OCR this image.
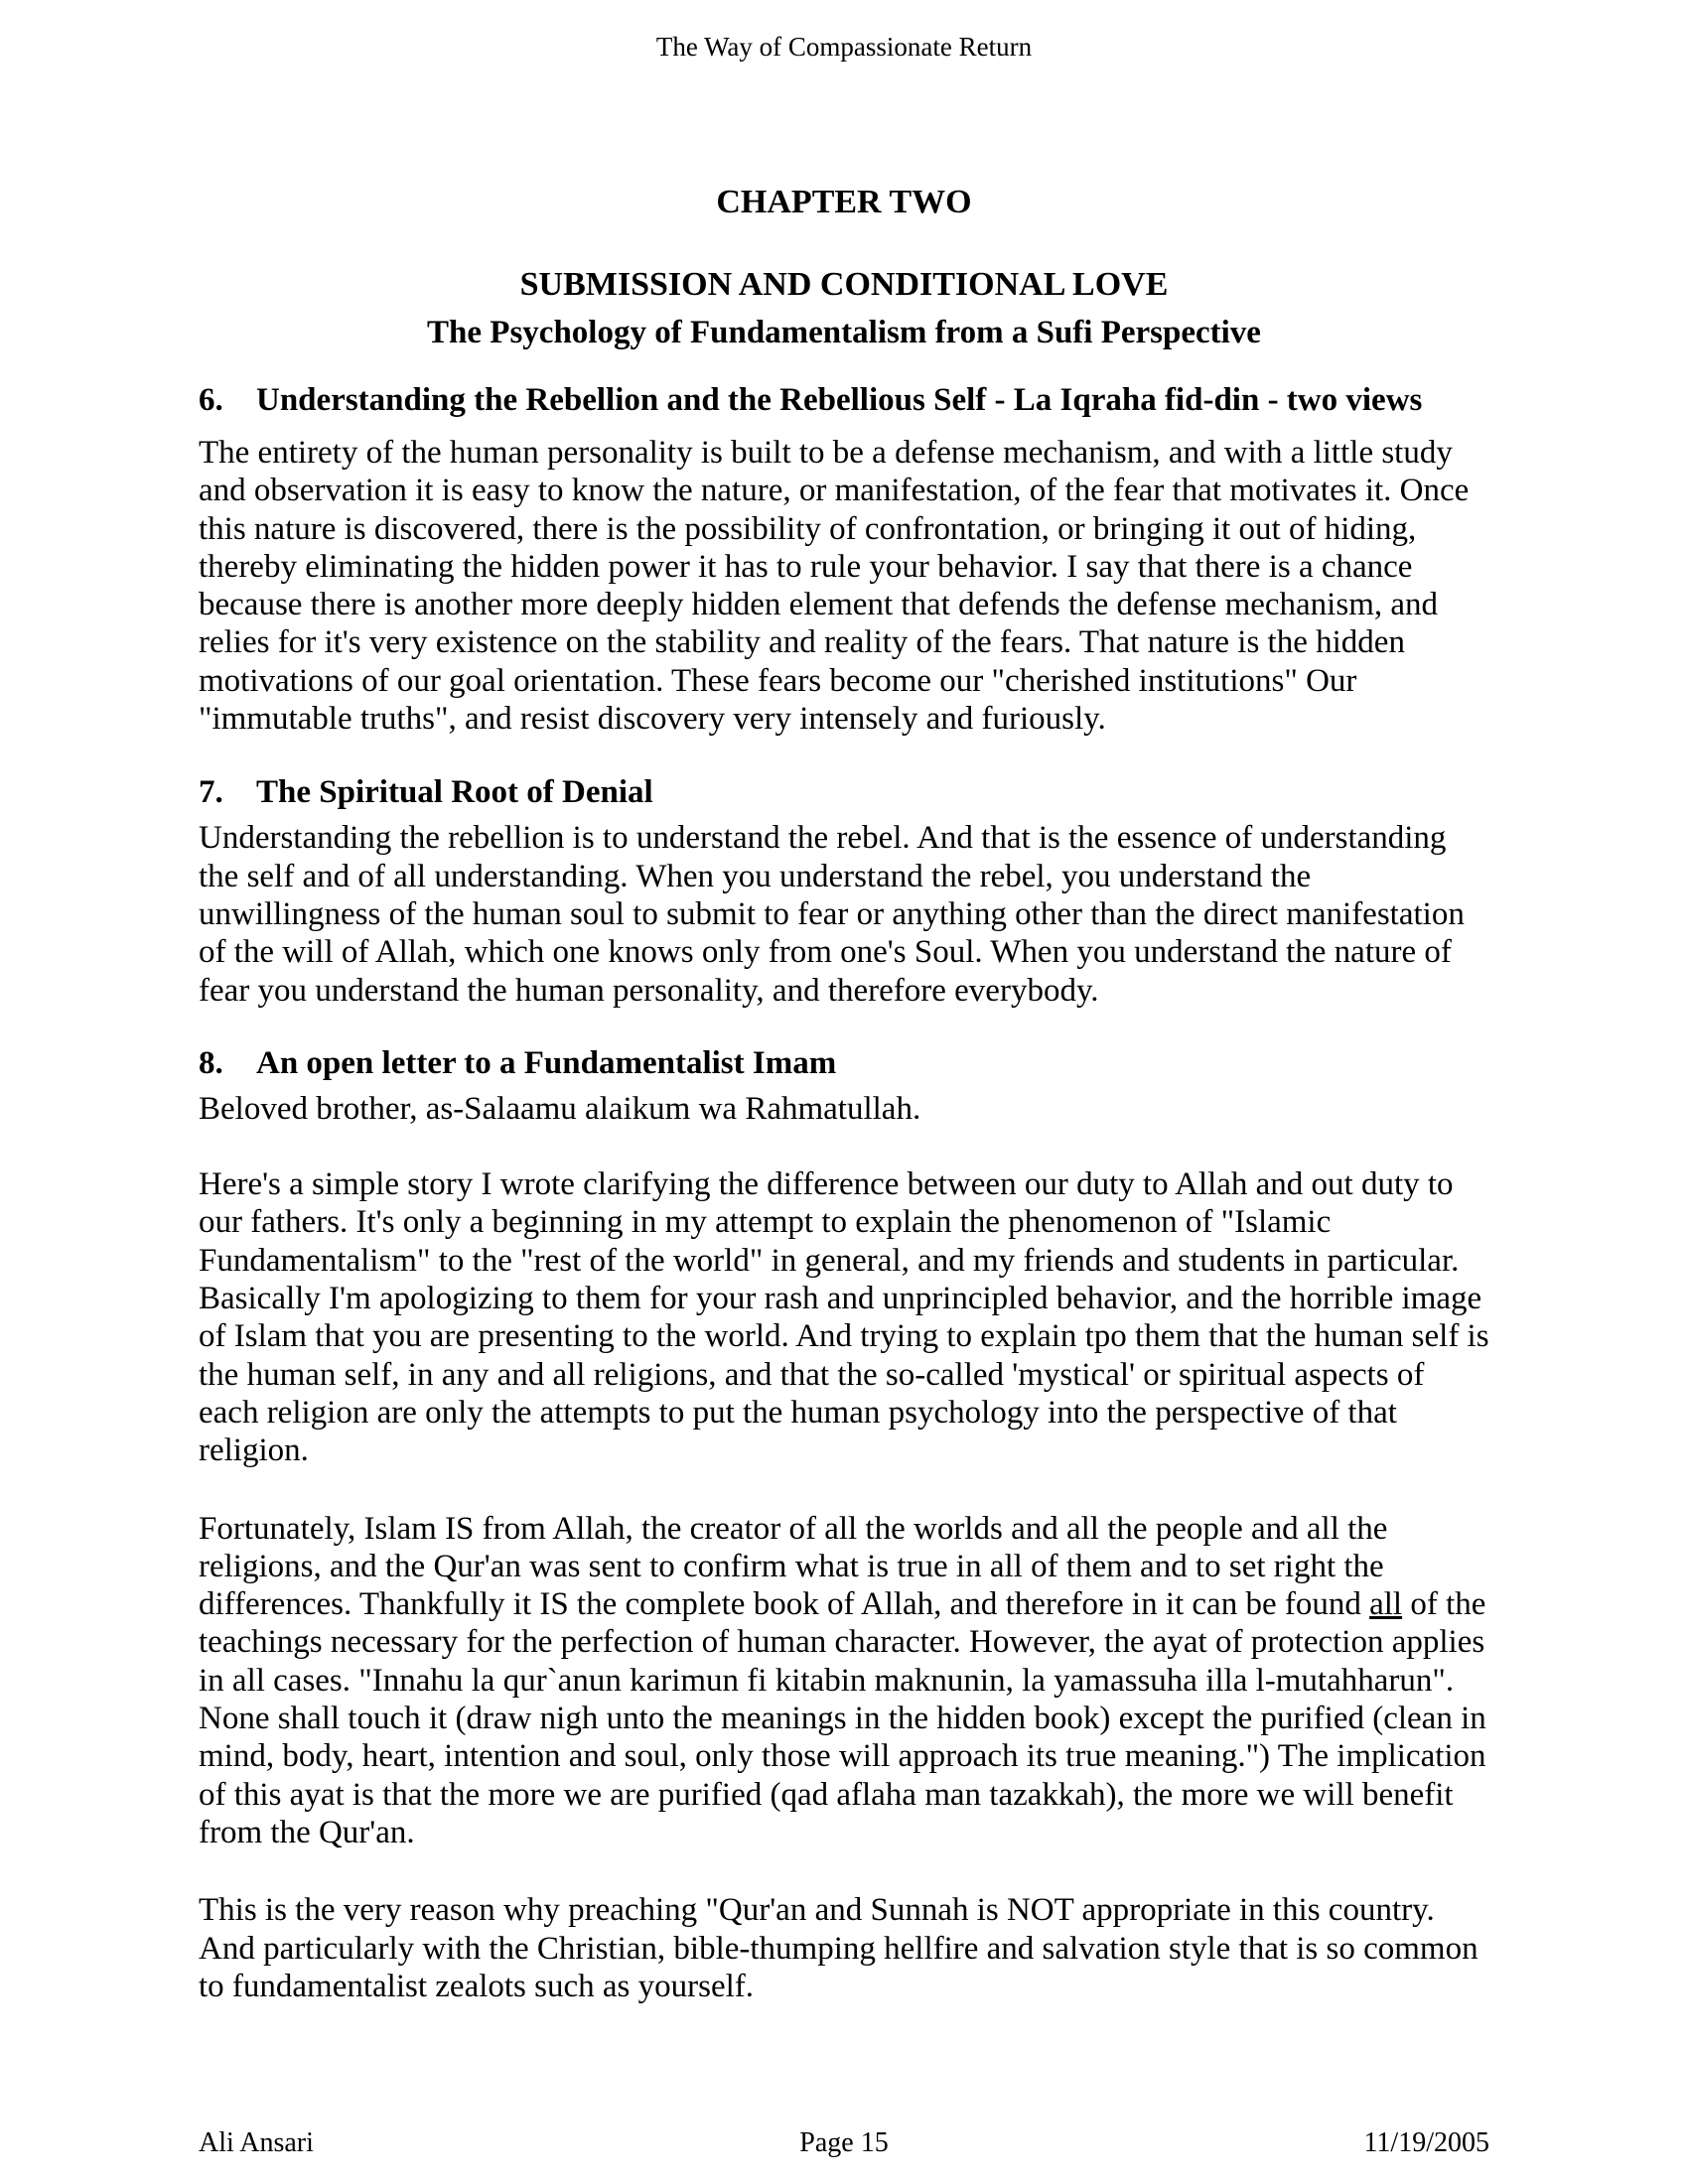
The Way of Compassionate Return
CHAPTER TWO
SUBMISSION AND CONDITIONAL LOVE
The Psychology of Fundamentalism from a Sufi Perspective
6. Understanding the Rebellion and the Rebellious Self - La Iqraha fid-din - two views
The entirety of the human personality is built to be a defense mechanism, and with a little study and observation it is easy to know the nature, or manifestation, of the fear that motivates it. Once this nature is discovered, there is the possibility of confrontation, or bringing it out of hiding, thereby eliminating the hidden power it has to rule your behavior. I say that there is a chance because there is another more deeply hidden element that defends the defense mechanism, and relies for it's very existence on the stability and reality of the fears. That nature is the hidden motivations of our goal orientation. These fears become our "cherished institutions" Our "immutable truths", and resist discovery very intensely and furiously.
7. The Spiritual Root of Denial
Understanding the rebellion is to understand the rebel. And that is the essence of understanding the self and of all understanding. When you understand the rebel, you understand the unwillingness of the human soul to submit to fear or anything other than the direct manifestation of the will of Allah, which one knows only from one's Soul. When you understand the nature of fear you understand the human personality, and therefore everybody.
8. An open letter to a Fundamentalist Imam
Beloved brother, as-Salaamu alaikum wa Rahmatullah.
Here's a simple story I wrote clarifying the difference between our duty to Allah and out duty to our fathers. It's only a beginning in my attempt to explain the phenomenon of "Islamic Fundamentalism" to the "rest of the world" in general, and my friends and students in particular. Basically I'm apologizing to them for your rash and unprincipled behavior, and the horrible image of Islam that you are presenting to the world. And trying to explain tpo them that the human self is the human self, in any and all religions, and that the so-called 'mystical' or spiritual aspects of each religion are only the attempts to put the human psychology into the perspective of that religion.
Fortunately, Islam IS from Allah, the creator of all the worlds and all the people and all the religions, and the Qur'an was sent to confirm what is true in all of them and to set right the differences. Thankfully it IS the complete book of Allah, and therefore in it can be found all of the teachings necessary for the perfection of human character. However, the ayat of protection applies in all cases. "Innahu la qur`anun karimun fi kitabin maknunin, la yamassuha illa l-mutahharun". None shall touch it (draw nigh unto the meanings in the hidden book) except the purified (clean in mind, body, heart, intention and soul, only those will approach its true meaning.") The implication of this ayat is that the more we are purified (qad aflaha man tazakkah), the more we will benefit from the Qur'an.
This is the very reason why preaching "Qur'an and Sunnah is NOT appropriate in this country. And particularly with the Christian, bible-thumping hellfire and salvation style that is so common to fundamentalist zealots such as yourself.
Ali Ansari	Page 15	11/19/2005
